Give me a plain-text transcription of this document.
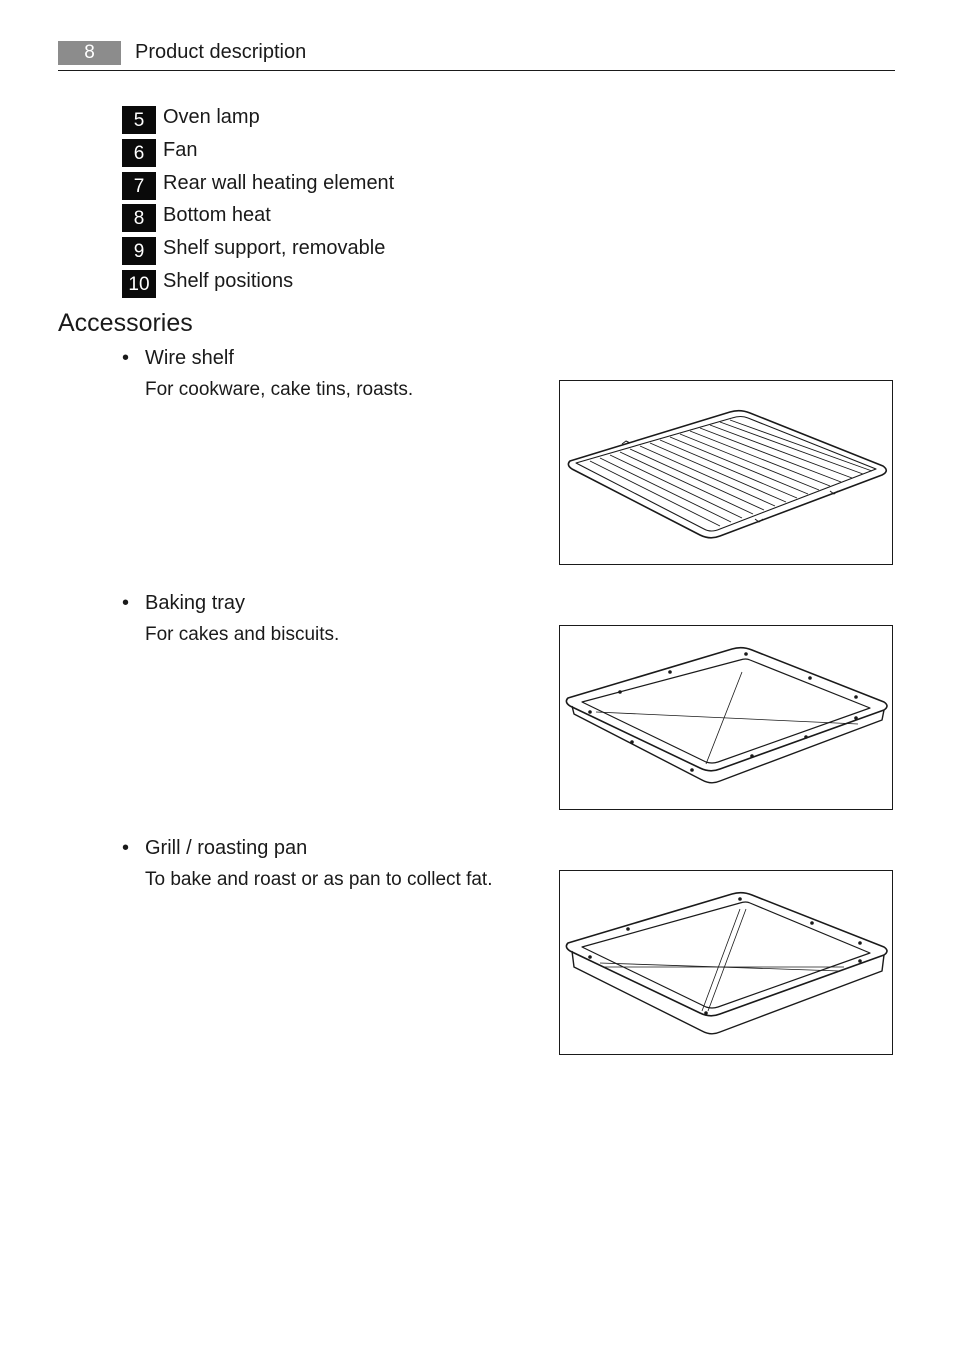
8	Product description
5 Oven lamp
6 Fan
7 Rear wall heating element
8 Bottom heat
9 Shelf support, removable
10 Shelf positions
Accessories
• Wire shelf
For cookware, cake tins, roasts.
• Baking tray
For cakes and biscuits.
• Grill / roasting pan
To bake and roast or as pan to collect fat.
